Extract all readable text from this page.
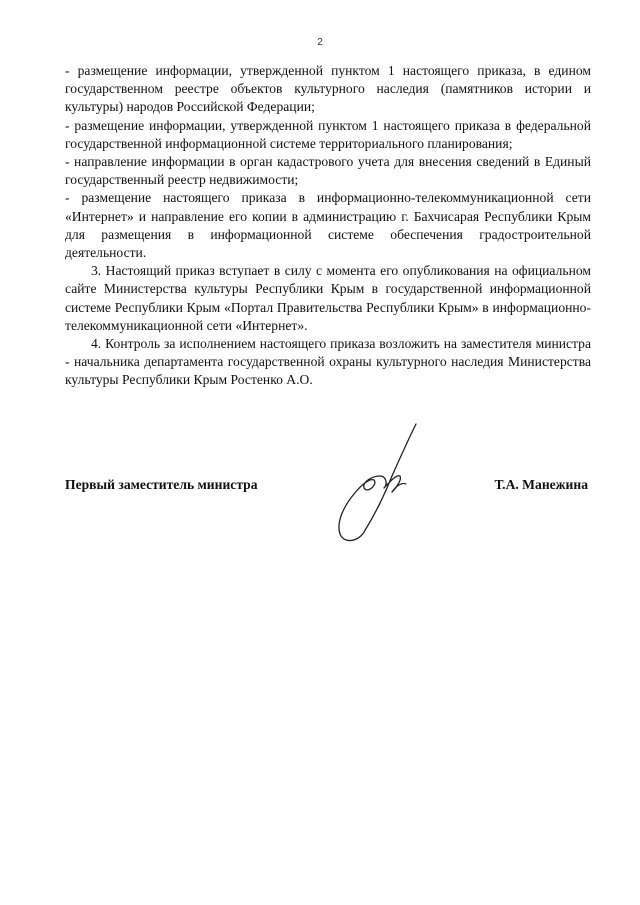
2

- размещение информации, утвержденной пунктом 1 настоящего приказа, в едином государственном реестре объектов культурного наследия (памятников истории и культуры) народов Российской Федерации;

- размещение информации, утвержденной пунктом 1 настоящего приказа в федеральной государственной информационной системе территориального планирования;

- направление информации в орган кадастрового учета для внесения сведений в Единый государственный реестр недвижимости;

- размещение настоящего приказа в информационно-телекоммуникационной сети «Интернет» и направление его копии в администрацию г. Бахчисарая Республики Крым для размещения в информационной системе обеспечения градостроительной деятельности.

3. Настоящий приказ вступает в силу с момента его опубликования на официальном сайте Министерства культуры Республики Крым в государственной информационной системе Республики Крым «Портал Правительства Республики Крым» в информационно-телекоммуникационной сети «Интернет».

4. Контроль за исполнением настоящего приказа возложить на заместителя министра - начальника департамента государственной охраны культурного наследия Министерства культуры Республики Крым Ростенко А.О.

Первый заместитель министра	Т.А. Манежина
